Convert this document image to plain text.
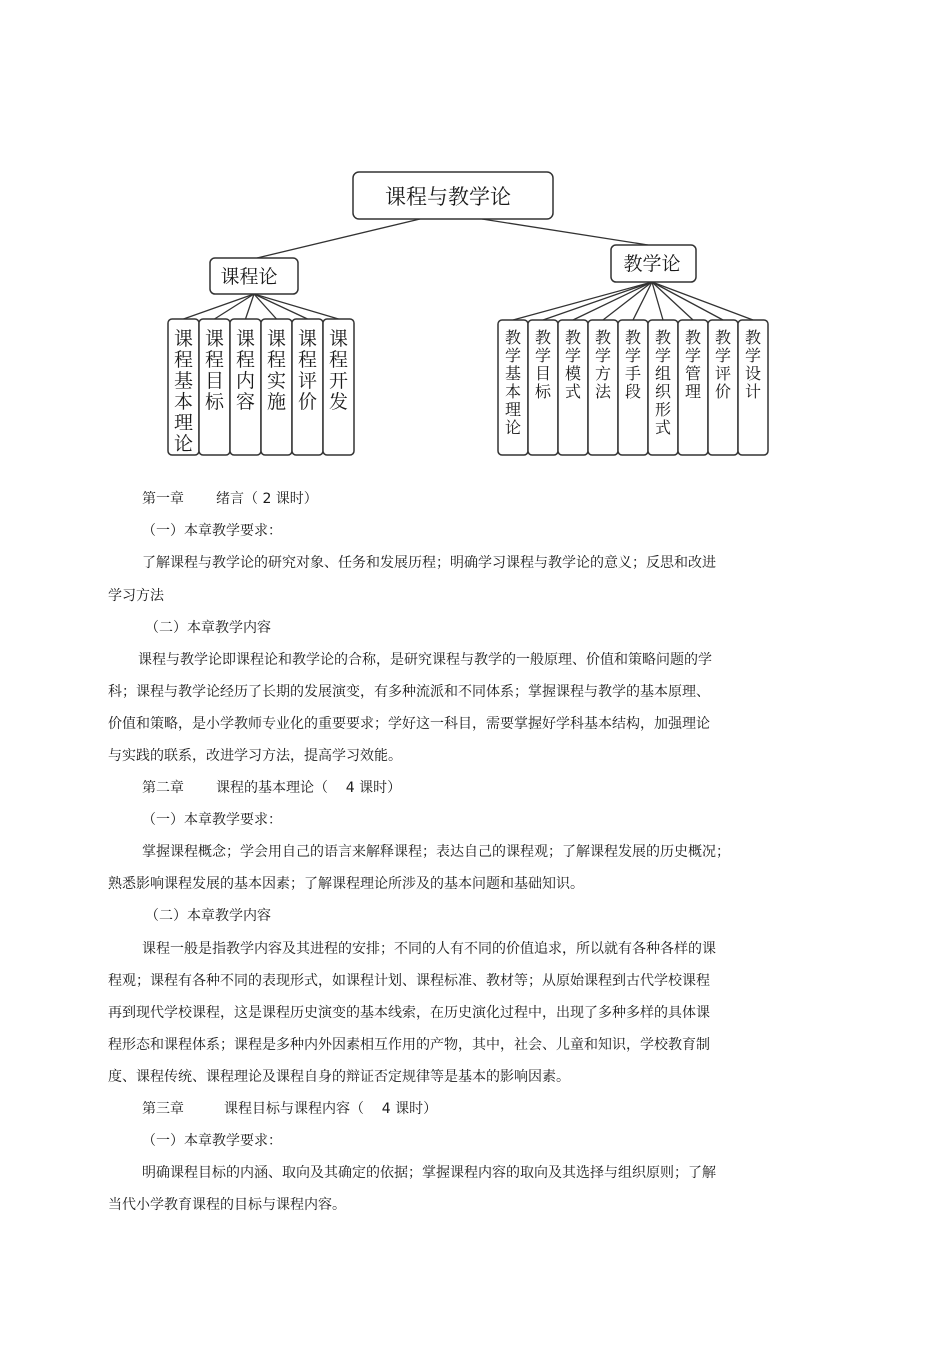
课程与教学论
课程论
教学论
课程基本理论
课程目标
课程内容
课程实施
课程评价
课程开发
教学基本理论
教学目标
教学模式
教学方法
教学手段
教学组织形式
教学管理
教学评价
教学设计

第一章 绪言（ 2 课时）

（一）本章教学要求：

了解课程与教学论的研究对象、任务和发展历程；明确学习课程与教学论的意义；反思和改进

学习方法

（二）本章教学内容

课程与教学论即课程论和教学论的合称，是研究课程与教学的一般原理、价值和策略问题的学

科；课程与教学论经历了长期的发展演变，有多种流派和不同体系；掌握课程与教学的基本原理、

价值和策略，是小学教师专业化的重要要求；学好这一科目，需要掌握好学科基本结构，加强理论

与实践的联系，改进学习方法，提高学习效能。

第二章 课程的基本理论（    4 课时）

（一）本章教学要求：

掌握课程概念；学会用自己的语言来解释课程；表达自己的课程观；了解课程发展的历史概况；

熟悉影响课程发展的基本因素；了解课程理论所涉及的基本问题和基础知识。

（二）本章教学内容

课程一般是指教学内容及其进程的安排；不同的人有不同的价值追求，所以就有各种各样的课

程观；课程有各种不同的表现形式，如课程计划、课程标准、教材等；从原始课程到古代学校课程

再到现代学校课程，这是课程历史演变的基本线索，在历史演化过程中，出现了多种多样的具体课

程形态和课程体系；课程是多种内外因素相互作用的产物，其中，社会、儿童和知识，学校教育制

度、课程传统、课程理论及课程自身的辩证否定规律等是基本的影响因素。

第三章	课程目标与课程内容（    4 课时）

（一）本章教学要求：

明确课程目标的内涵、取向及其确定的依据；掌握课程内容的取向及其选择与组织原则；了解

当代小学教育课程的目标与课程内容。
